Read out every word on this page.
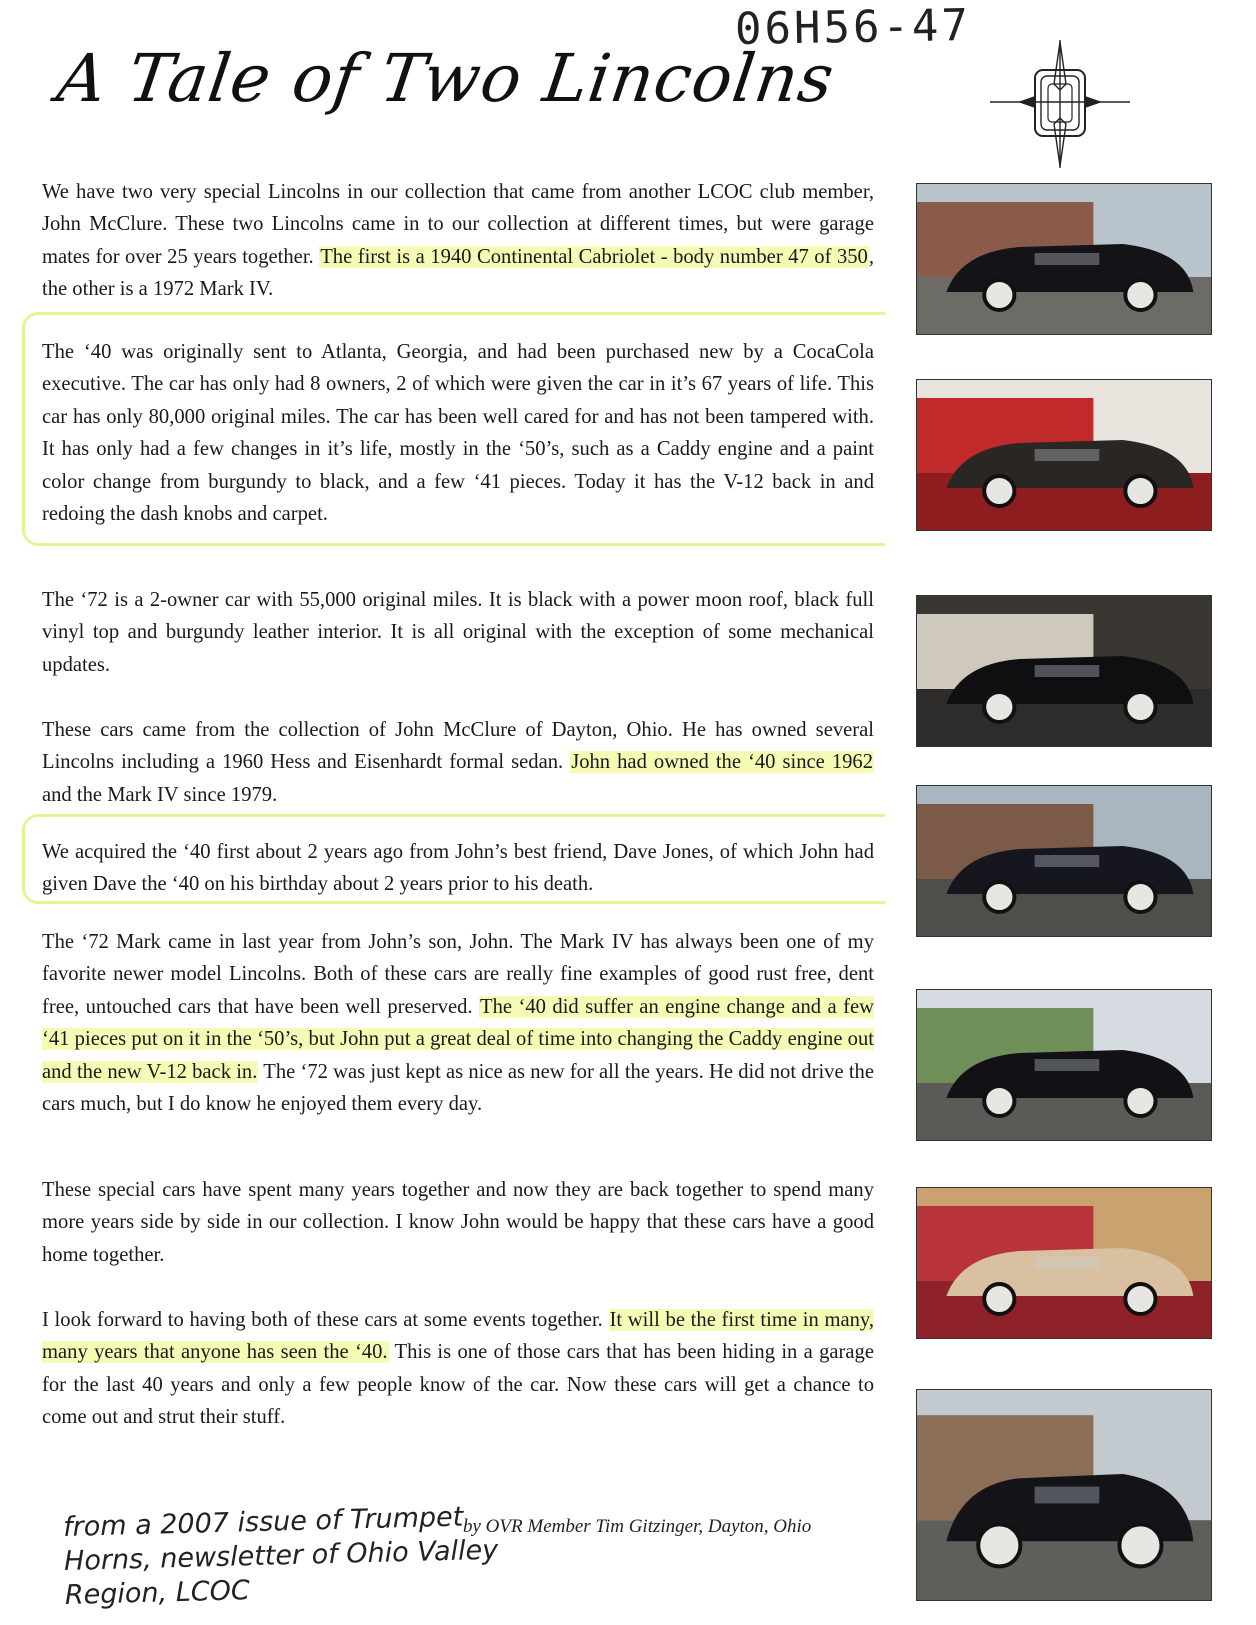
06H56-47
A Tale of Two Lincolns

We have two very special Lincolns in our collection that came from another LCOC club member, John McClure. These two Lincolns came in to our collection at different times, but were garage mates for over 25 years together. The first is a 1940 Continental Cabriolet - body number 47 of 350, the other is a 1972 Mark IV.

The ‘40 was originally sent to Atlanta, Georgia, and had been purchased new by a CocaCola executive. The car has only had 8 owners, 2 of which were given the car in it’s 67 years of life. This car has only 80,000 original miles. The car has been well cared for and has not been tampered with. It has only had a few changes in it’s life, mostly in the ‘50’s, such as a Caddy engine and a paint color change from burgundy to black, and a few ‘41 pieces. Today it has the V-12 back in and redoing the dash knobs and carpet.

The ‘72 is a 2-owner car with 55,000 original miles. It is black with a power moon roof, black full vinyl top and burgundy leather interior. It is all original with the exception of some mechanical updates.

These cars came from the collection of John McClure of Dayton, Ohio. He has owned several Lincolns including a 1960 Hess and Eisenhardt formal sedan. John had owned the ‘40 since 1962 and the Mark IV since 1979.

We acquired the ‘40 first about 2 years ago from John’s best friend, Dave Jones, of which John had given Dave the ‘40 on his birthday about 2 years prior to his death.

The ‘72 Mark came in last year from John’s son, John. The Mark IV has always been one of my favorite newer model Lincolns. Both of these cars are really fine examples of good rust free, dent free, untouched cars that have been well preserved. The ‘40 did suffer an engine change and a few ‘41 pieces put on it in the ‘50’s, but John put a great deal of time into changing the Caddy engine out and the new V-12 back in. The ‘72 was just kept as nice as new for all the years. He did not drive the cars much, but I do know he enjoyed them every day.

These special cars have spent many years together and now they are back together to spend many more years side by side in our collection. I know John would be happy that these cars have a good home together.

I look forward to having both of these cars at some events together. It will be the first time in many, many years that anyone has seen the ‘40. This is one of those cars that has been hiding in a garage for the last 40 years and only a few people know of the car. Now these cars will get a chance to come out and strut their stuff.

by OVR Member Tim Gitzinger, Dayton, Ohio
from a 2007 issue of Trumpet Horns, newsletter of Ohio Valley Region, LCOC
